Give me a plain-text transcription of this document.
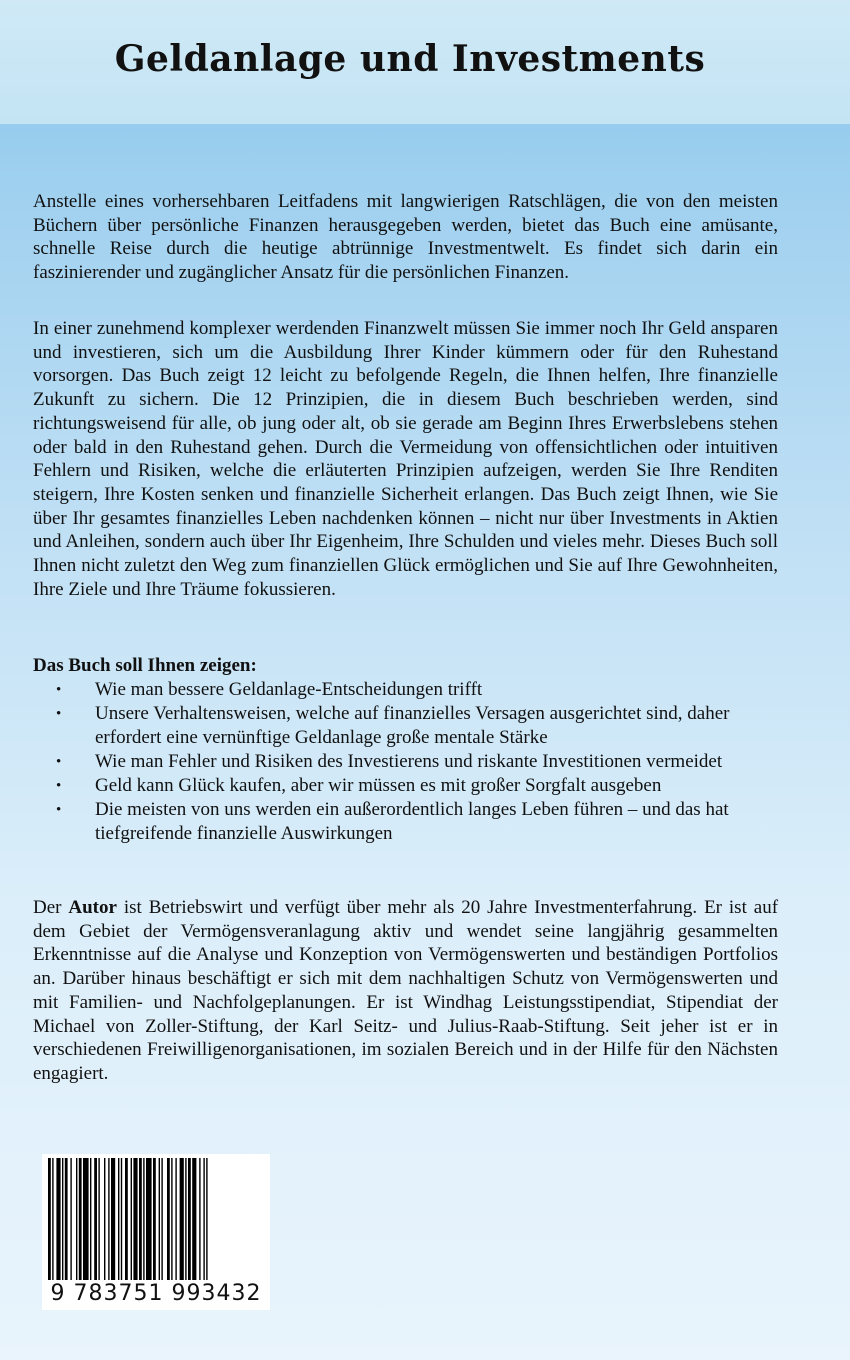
Geldanlage und Investments

Anstelle eines vorhersehbaren Leitfadens mit langwierigen Ratschlägen, die von den meisten Büchern über persönliche Finanzen herausgegeben werden, bietet das Buch eine amüsante, schnelle Reise durch die heutige abtrünnige Investmentwelt. Es findet sich darin ein faszinierender und zugänglicher Ansatz für die persönlichen Finanzen.

In einer zunehmend komplexer werdenden Finanzwelt müssen Sie immer noch Ihr Geld ansparen und investieren, sich um die Ausbildung Ihrer Kinder kümmern oder für den Ruhestand vorsorgen. Das Buch zeigt 12 leicht zu befolgende Regeln, die Ihnen helfen, Ihre finanzielle Zukunft zu sichern. Die 12 Prinzipien, die in diesem Buch beschrieben werden, sind richtungsweisend für alle, ob jung oder alt, ob sie gerade am Beginn Ihres Erwerbslebens stehen oder bald in den Ruhestand gehen. Durch die Vermeidung von offensichtlichen oder intuitiven Fehlern und Risiken, welche die erläuterten Prinzipien aufzeigen, werden Sie Ihre Renditen steigern, Ihre Kosten senken und finanzielle Sicherheit erlangen. Das Buch zeigt Ihnen, wie Sie über Ihr gesamtes finanzielles Leben nachdenken können – nicht nur über Investments in Aktien und Anleihen, sondern auch über Ihr Eigenheim, Ihre Schulden und vieles mehr. Dieses Buch soll Ihnen nicht zuletzt den Weg zum finanziellen Glück ermöglichen und Sie auf Ihre Gewohnheiten, Ihre Ziele und Ihre Träume fokussieren.

Das Buch soll Ihnen zeigen:
• Wie man bessere Geldanlage-Entscheidungen trifft
• Unsere Verhaltensweisen, welche auf finanzielles Versagen ausgerichtet sind, daher erfordert eine vernünftige Geldanlage große mentale Stärke
• Wie man Fehler und Risiken des Investierens und riskante Investitionen vermeidet
• Geld kann Glück kaufen, aber wir müssen es mit großer Sorgfalt ausgeben
• Die meisten von uns werden ein außerordentlich langes Leben führen – und das hat tiefgreifende finanzielle Auswirkungen

Der Autor ist Betriebswirt und verfügt über mehr als 20 Jahre Investmenterfahrung. Er ist auf dem Gebiet der Vermögensveranlagung aktiv und wendet seine langjährig gesammelten Erkenntnisse auf die Analyse und Konzeption von Vermögenswerten und beständigen Portfolios an. Darüber hinaus beschäftigt er sich mit dem nachhaltigen Schutz von Vermögenswerten und mit Familien- und Nachfolgeplanungen. Er ist Windhag Leistungsstipendiat, Stipendiat der Michael von Zoller-Stiftung, der Karl Seitz- und Julius-Raab-Stiftung. Seit jeher ist er in verschiedenen Freiwilligenorganisationen, im sozialen Bereich und in der Hilfe für den Nächsten engagiert.

9 783751 993432
